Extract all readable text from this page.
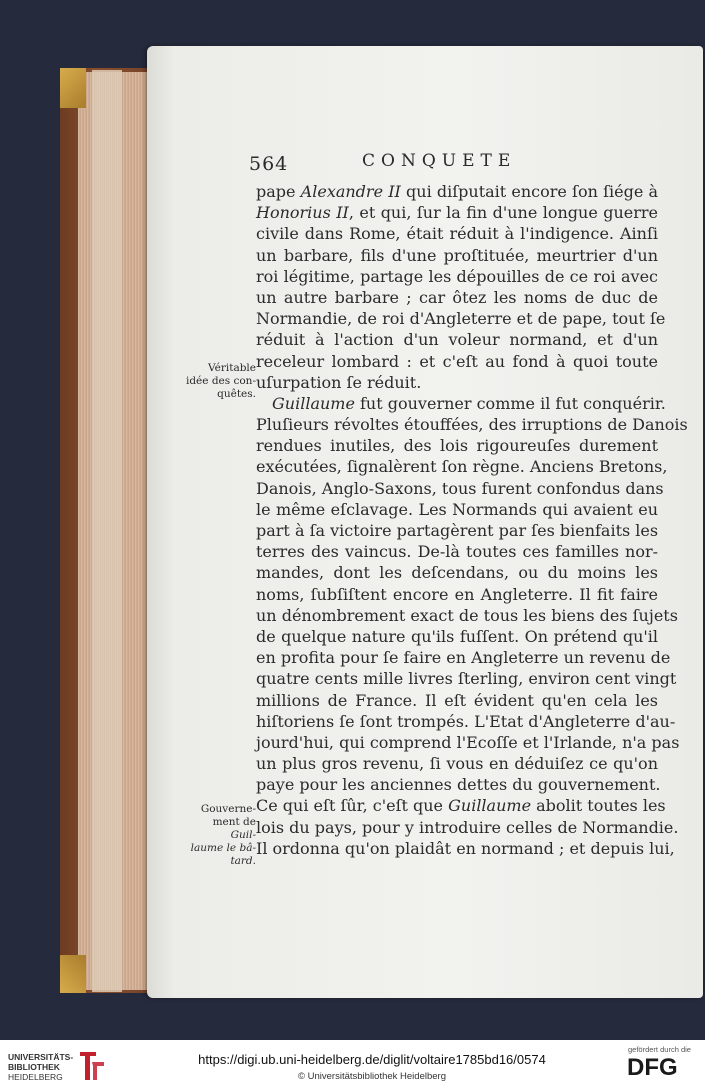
564	CONQUETE
pape Alexandre II qui diſputait encore ſon ſiége à
Honorius II, et qui, ſur la fin d'une longue guerre
civile dans Rome, était réduit à l'indigence. Ainſi
un barbare, fils d'une proſtituée, meurtrier d'un
roi légitime, partage les dépouilles de ce roi avec
un autre barbare ; car ôtez les noms de duc de
Normandie, de roi d'Angleterre et de pape, tout ſe
réduit à l'action d'un voleur normand, et d'un
receleur lombard : et c'eſt au fond à quoi toute
uſurpation ſe réduit.
Guillaume fut gouverner comme il fut conquérir.
Pluſieurs révoltes étouffées, des irruptions de Danois
rendues inutiles, des lois rigoureuſes durement
exécutées, ſignalèrent ſon règne. Anciens Bretons,
Danois, Anglo-Saxons, tous furent confondus dans
le même eſclavage. Les Normands qui avaient eu
part à ſa victoire partagèrent par ſes bienfaits les
terres des vaincus. De-là toutes ces familles nor-
mandes, dont les deſcendans, ou du moins les
noms, ſubſiſtent encore en Angleterre. Il fit faire
un dénombrement exact de tous les biens des ſujets
de quelque nature qu'ils fuſſent. On prétend qu'il
en profita pour ſe faire en Angleterre un revenu de
quatre cents mille livres ſterling, environ cent vingt
millions de France. Il eſt évident qu'en cela les
hiſtoriens ſe ſont trompés. L'Etat d'Angleterre d'au-
jourd'hui, qui comprend l'Ecoſſe et l'Irlande, n'a pas
un plus gros revenu, ſi vous en déduiſez ce qu'on
paye pour les anciennes dettes du gouvernement.
Ce qui eſt ſûr, c'eſt que Guillaume abolit toutes les
lois du pays, pour y introduire celles de Normandie.
Il ordonna qu'on plaidât en normand ; et depuis lui,
Véritable
idée des con-
quêtes.
Gouverne-
ment de
Guil-
laume le bâ-
tard.
UNIVERSITÄTS-
BIBLIOTHEK
HEIDELBERG
https://digi.ub.uni-heidelberg.de/diglit/voltaire1785bd16/0574
© Universitätsbibliothek Heidelberg
gefördert durch die
DFG
